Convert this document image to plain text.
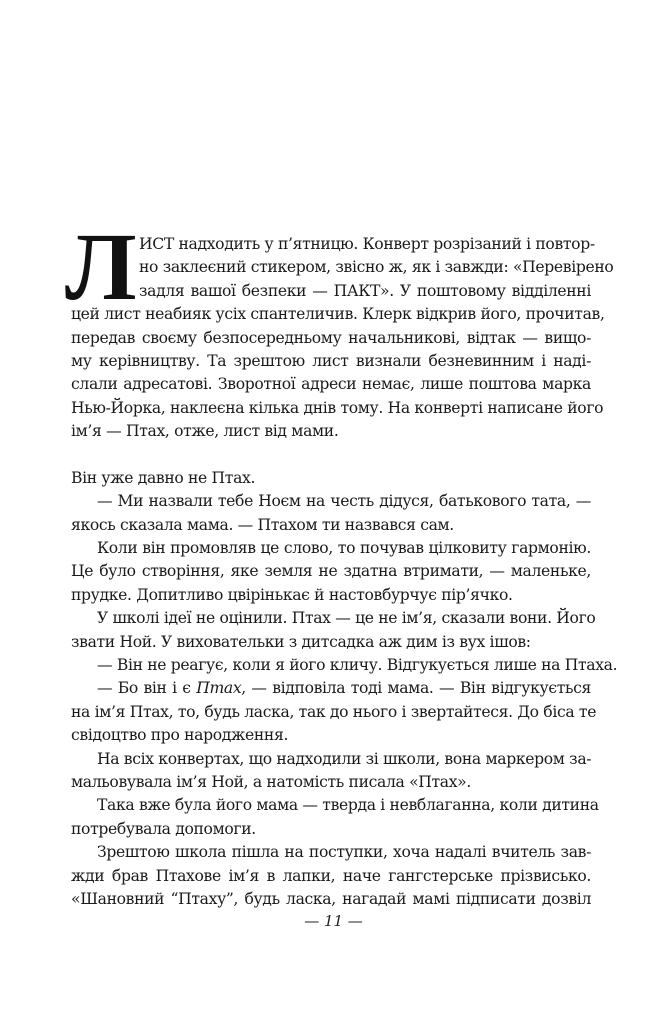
Л ИСТ надходить у п’ятницю. Конверт розрізаний і повтор-
но заклеєний стикером, звісно ж, як і завжди: «Перевірено
задля вашої безпеки — ПАКТ». У поштовому відділенні
цей лист неабияк усіх спантеличив. Клерк відкрив його, прочитав,
передав своєму безпосередньому начальникові, відтак — вищо-
му керівництву. Та зрештою лист визнали безневинним і наді-
слали адресатові. Зворотної адреси немає, лише поштова марка
Нью-Йорка, наклеєна кілька днів тому. На конверті написане його
ім’я — Птах, отже, лист від мами.
Він уже давно не Птах.
— Ми назвали тебе Ноєм на честь дідуся, батькового тата, —
якось сказала мама. — Птахом ти назвався сам.
Коли він промовляв це слово, то почував цілковиту гармонію.
Це було створіння, яке земля не здатна втримати, — маленьке,
прудке. Допитливо цвірінькає й настовбурчує пір’ячко.
У школі ідеї не оцінили. Птах — це не ім’я, сказали вони. Його
звати Ной. У виховательки з дитсадка аж дим із вух ішов:
— Він не реагує, коли я його кличу. Відгукується лише на Птаха.
— Бо він і є Птах, — відповіла тоді мама. — Він відгукується
на ім’я Птах, то, будь ласка, так до нього і звертайтеся. До біса те
свідоцтво про народження.
На всіх конвертах, що надходили зі школи, вона маркером за-
мальовувала ім’я Ной, а натомість писала «Птах».
Така вже була його мама — тверда і невблаганна, коли дитина
потребувала допомоги.
Зрештою школа пішла на поступки, хоча надалі вчитель зав-
жди брав Птахове ім’я в лапки, наче гангстерське прізвисько.
«Шановний “Птаху”, будь ласка, нагадай мамі підписати дозвіл
— 11 —
